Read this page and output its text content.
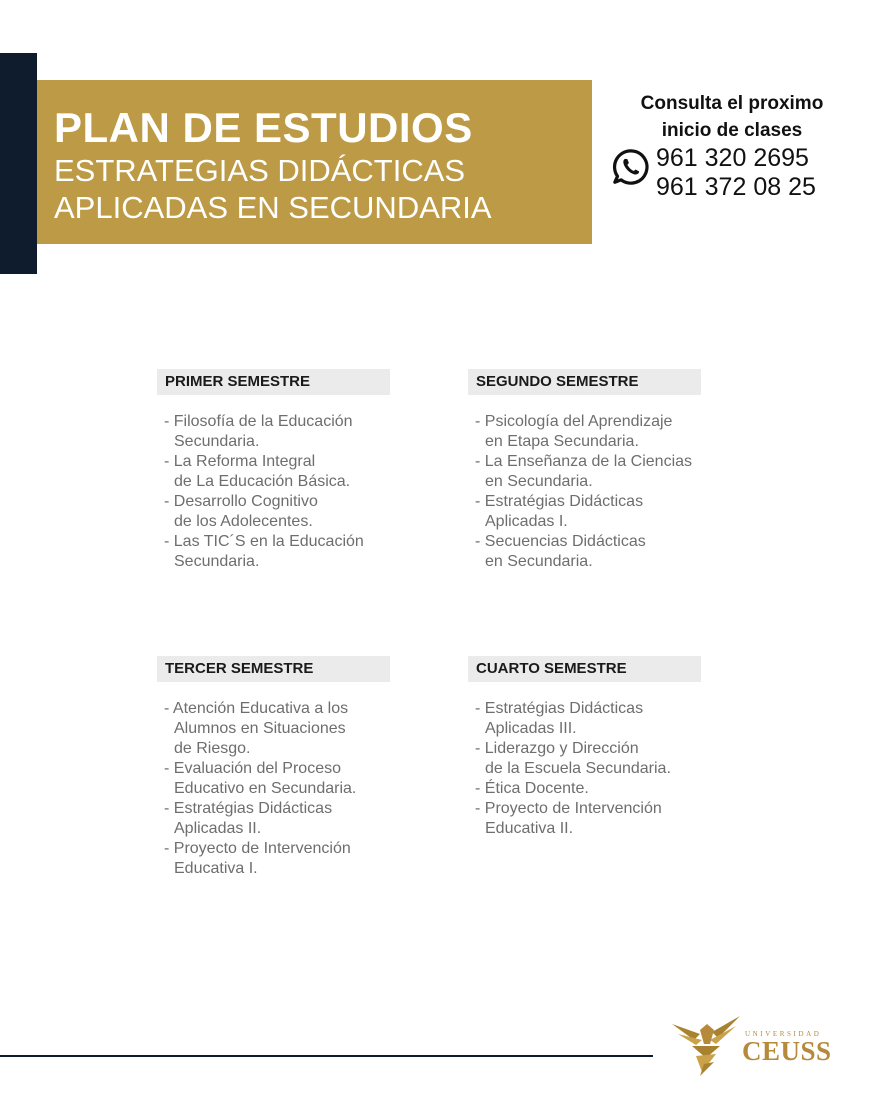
PLAN DE ESTUDIOS
ESTRATEGIAS DIDÁCTICAS
APLICADAS EN SECUNDARIA
Consulta el proximo
inicio de clases
961 320 2695
961 372 08 25
PRIMER SEMESTRE
- Filosofía de la Educación
Secundaria.
- La Reforma Integral
de La Educación Básica.
- Desarrollo Cognitivo
de los Adolecentes.
- Las TIC´S en la Educación
Secundaria.
SEGUNDO SEMESTRE
- Psicología del Aprendizaje
en Etapa Secundaria.
- La Enseñanza de la Ciencias
en Secundaria.
- Estratégias Didácticas
Aplicadas I.
- Secuencias Didácticas
en Secundaria.
TERCER SEMESTRE
- Atención Educativa a los
Alumnos en Situaciones
de Riesgo.
- Evaluación del Proceso
Educativo en Secundaria.
- Estratégias Didácticas
Aplicadas II.
- Proyecto de Intervención
Educativa I.
CUARTO SEMESTRE
- Estratégias Didácticas
Aplicadas III.
- Liderazgo y Dirección
de la Escuela Secundaria.
- Ética Docente.
- Proyecto de Intervención
Educativa II.
UNIVERSIDAD
CEUSS
